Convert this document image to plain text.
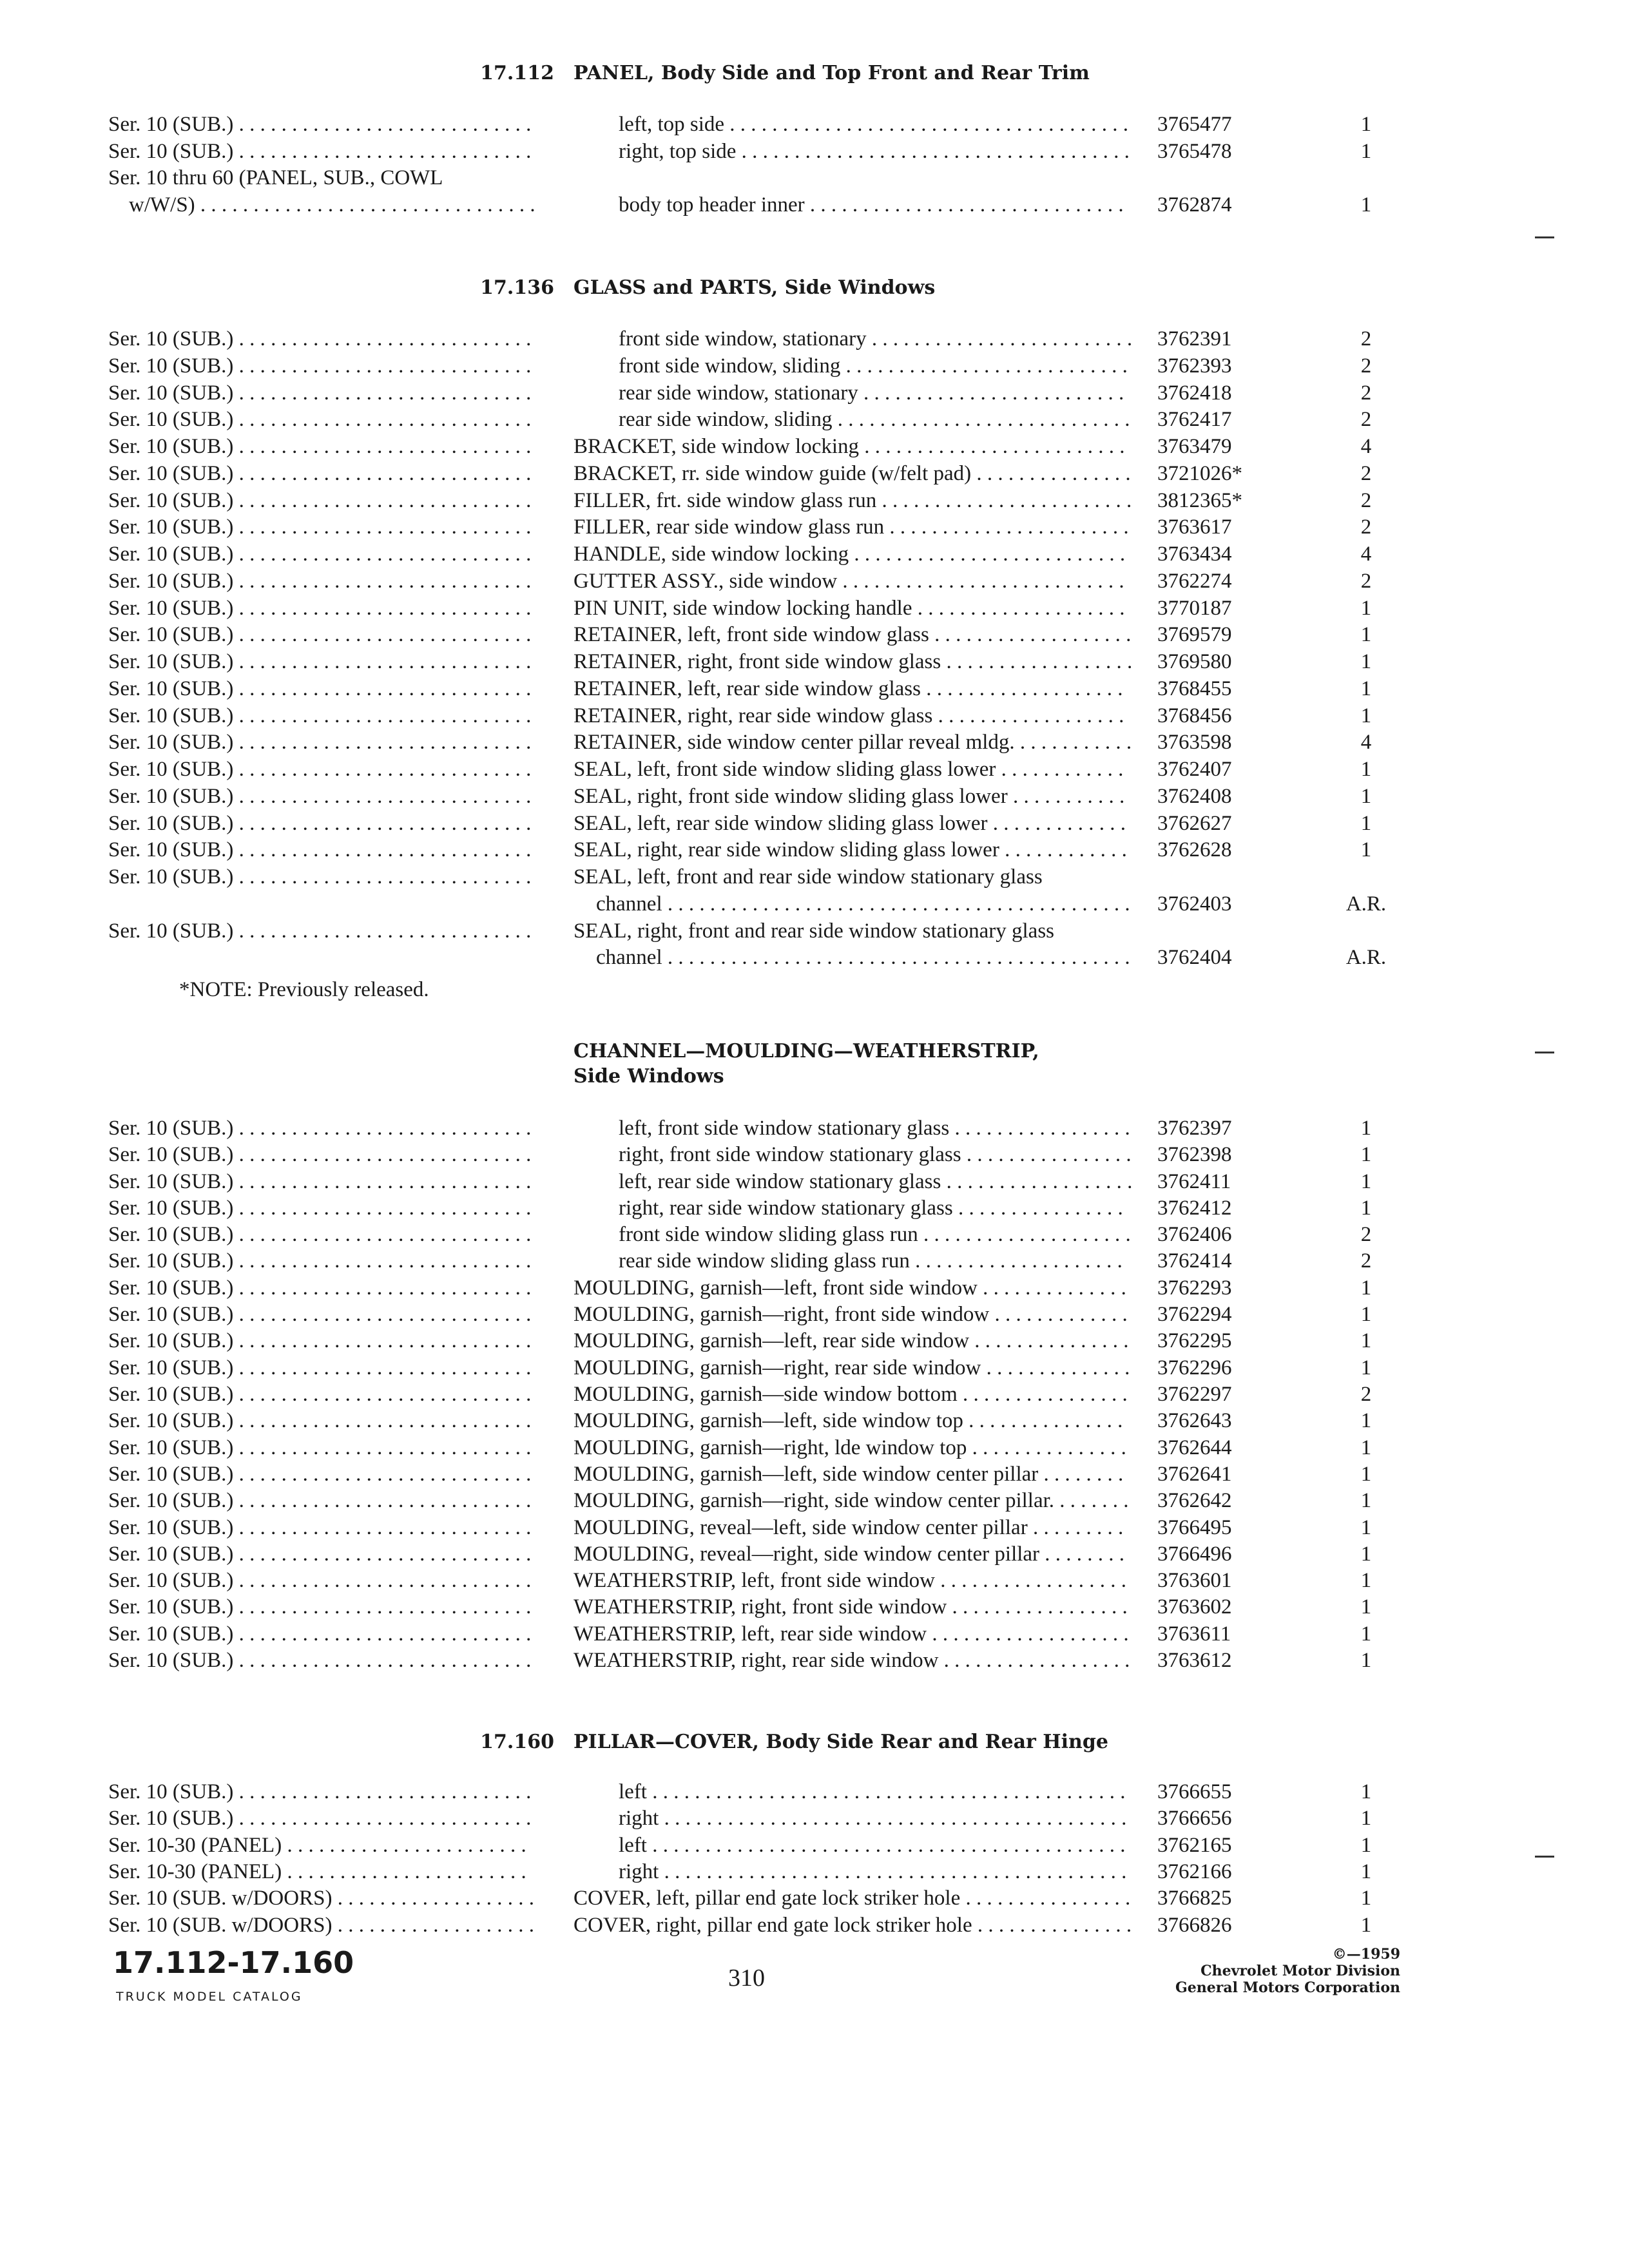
17.112 PANEL, Body Side and Top Front and Rear Trim
Ser. 10 (SUB.) . . . . . . . . . . . . . . . . . . . . . . . . . . . .	left, top side . . . . . . . . . . . . . . . . . . . . . . . . . . . . . . . . . . . . . . 3765477	1
Ser. 10 (SUB.) . . . . . . . . . . . . . . . . . . . . . . . . . . . .	right, top side . . . . . . . . . . . . . . . . . . . . . . . . . . . . . . . . . . . . . 3765478	1
Ser. 10 thru 60 (PANEL, SUB., COWL
w/W/S) . . . . . . . . . . . . . . . . . . . . . . . . . . . . . . . .	body top header inner . . . . . . . . . . . . . . . . . . . . . . . . . . . . . .	3762874	1
17.136 GLASS and PARTS, Side Windows
Ser. 10 (SUB.) . . . . . . . . . . . . . . . . . . . . . . . . . . . .	front side window, stationary . . . . . . . . . . . . . . . . . . . . . . . . . 3762391	2
Ser. 10 (SUB.) . . . . . . . . . . . . . . . . . . . . . . . . . . . .	front side window, sliding . . . . . . . . . . . . . . . . . . . . . . . . . . . 3762393	2
Ser. 10 (SUB.) . . . . . . . . . . . . . . . . . . . . . . . . . . . .	rear side window, stationary . . . . . . . . . . . . . . . . . . . . . . . . .	3762418	2
Ser. 10 (SUB.) . . . . . . . . . . . . . . . . . . . . . . . . . . . .	rear side window, sliding . . . . . . . . . . . . . . . . . . . . . . . . . . . . 3762417	2
Ser. 10 (SUB.) . . . . . . . . . . . . . . . . . . . . . . . . . . . . BRACKET, side window locking . . . . . . . . . . . . . . . . . . . . . . . . .	3763479	4
Ser. 10 (SUB.) . . . . . . . . . . . . . . . . . . . . . . . . . . . . BRACKET, rr. side window guide (w/felt pad) . . . . . . . . . . . . . . . 3721026*	2
Ser. 10 (SUB.) . . . . . . . . . . . . . . . . . . . . . . . . . . . . FILLER, frt. side window glass run . . . . . . . . . . . . . . . . . . . . . . . . 3812365*	2
Ser. 10 (SUB.) . . . . . . . . . . . . . . . . . . . . . . . . . . . . FILLER, rear side window glass run . . . . . . . . . . . . . . . . . . . . . . . 3763617	2
Ser. 10 (SUB.) . . . . . . . . . . . . . . . . . . . . . . . . . . . . HANDLE, side window locking . . . . . . . . . . . . . . . . . . . . . . . . . .	3763434	4
Ser. 10 (SUB.) . . . . . . . . . . . . . . . . . . . . . . . . . . . . GUTTER ASSY., side window . . . . . . . . . . . . . . . . . . . . . . . . . . .	3762274	2
Ser. 10 (SUB.) . . . . . . . . . . . . . . . . . . . . . . . . . . . . PIN UNIT, side window locking handle . . . . . . . . . . . . . . . . . . . .	3770187	1
Ser. 10 (SUB.) . . . . . . . . . . . . . . . . . . . . . . . . . . . . RETAINER, left, front side window glass . . . . . . . . . . . . . . . . . . . 3769579	1
Ser. 10 (SUB.) . . . . . . . . . . . . . . . . . . . . . . . . . . . . RETAINER, right, front side window glass . . . . . . . . . . . . . . . . . . 3769580	1
Ser. 10 (SUB.) . . . . . . . . . . . . . . . . . . . . . . . . . . . . RETAINER, left, rear side window glass . . . . . . . . . . . . . . . . . . .	3768455	1
Ser. 10 (SUB.) . . . . . . . . . . . . . . . . . . . . . . . . . . . . RETAINER, right, rear side window glass . . . . . . . . . . . . . . . . . .	3768456	1
Ser. 10 (SUB.) . . . . . . . . . . . . . . . . . . . . . . . . . . . . RETAINER, side window center pillar reveal mldg. . . . . . . . . . . . 3763598	4
Ser. 10 (SUB.) . . . . . . . . . . . . . . . . . . . . . . . . . . . . SEAL, left, front side window sliding glass lower . . . . . . . . . . . .	3762407	1
Ser. 10 (SUB.) . . . . . . . . . . . . . . . . . . . . . . . . . . . . SEAL, right, front side window sliding glass lower . . . . . . . . . . .	3762408	1
Ser. 10 (SUB.) . . . . . . . . . . . . . . . . . . . . . . . . . . . . SEAL, left, rear side window sliding glass lower . . . . . . . . . . . . .	3762627	1
Ser. 10 (SUB.) . . . . . . . . . . . . . . . . . . . . . . . . . . . . SEAL, right, rear side window sliding glass lower . . . . . . . . . . . . 3762628	1
Ser. 10 (SUB.) . . . . . . . . . . . . . . . . . . . . . . . . . . . . SEAL, left, front and rear side window stationary glass
channel . . . . . . . . . . . . . . . . . . . . . . . . . . . . . . . . . . . . . . . . . . . . 3762403	A.R.
Ser. 10 (SUB.) . . . . . . . . . . . . . . . . . . . . . . . . . . . . SEAL, right, front and rear side window stationary glass
channel . . . . . . . . . . . . . . . . . . . . . . . . . . . . . . . . . . . . . . . . . . . . 3762404	A.R.
*NOTE: Previously released.
CHANNEL—MOULDING—WEATHERSTRIP,
Side Windows
Ser. 10 (SUB.) . . . . . . . . . . . . . . . . . . . . . . . . . . . .	left, front side window stationary glass . . . . . . . . . . . . . . . . . 3762397	1
Ser. 10 (SUB.) . . . . . . . . . . . . . . . . . . . . . . . . . . . .	right, front side window stationary glass . . . . . . . . . . . . . . . . 3762398	1
Ser. 10 (SUB.) . . . . . . . . . . . . . . . . . . . . . . . . . . . .	left, rear side window stationary glass . . . . . . . . . . . . . . . . . . 3762411	1
Ser. 10 (SUB.) . . . . . . . . . . . . . . . . . . . . . . . . . . . .	right, rear side window stationary glass . . . . . . . . . . . . . . . .	3762412	1
Ser. 10 (SUB.) . . . . . . . . . . . . . . . . . . . . . . . . . . . .	front side window sliding glass run . . . . . . . . . . . . . . . . . . . . 3762406	2
Ser. 10 (SUB.) . . . . . . . . . . . . . . . . . . . . . . . . . . . .	rear side window sliding glass run . . . . . . . . . . . . . . . . . . . .	3762414	2
Ser. 10 (SUB.) . . . . . . . . . . . . . . . . . . . . . . . . . . . . MOULDING, garnish—left, front side window . . . . . . . . . . . . . .	3762293	1
Ser. 10 (SUB.) . . . . . . . . . . . . . . . . . . . . . . . . . . . . MOULDING, garnish—right, front side window . . . . . . . . . . . . . 3762294	1
Ser. 10 (SUB.) . . . . . . . . . . . . . . . . . . . . . . . . . . . . MOULDING, garnish—left, rear side window . . . . . . . . . . . . . . . 3762295	1
Ser. 10 (SUB.) . . . . . . . . . . . . . . . . . . . . . . . . . . . . MOULDING, garnish—right, rear side window . . . . . . . . . . . . . . 3762296	1
Ser. 10 (SUB.) . . . . . . . . . . . . . . . . . . . . . . . . . . . . MOULDING, garnish—side window bottom . . . . . . . . . . . . . . . . 3762297	2
Ser. 10 (SUB.) . . . . . . . . . . . . . . . . . . . . . . . . . . . . MOULDING, garnish—left, side window top . . . . . . . . . . . . . . .	3762643	1
Ser. 10 (SUB.) . . . . . . . . . . . . . . . . . . . . . . . . . . . . MOULDING, garnish—right, lde window top . . . . . . . . . . . . . . .	3762644	1
Ser. 10 (SUB.) . . . . . . . . . . . . . . . . . . . . . . . . . . . . MOULDING, garnish—left, side window center pillar . . . . . . . .	3762641	1
Ser. 10 (SUB.) . . . . . . . . . . . . . . . . . . . . . . . . . . . . MOULDING, garnish—right, side window center pillar. . . . . . . . 3762642	1
Ser. 10 (SUB.) . . . . . . . . . . . . . . . . . . . . . . . . . . . . MOULDING, reveal—left, side window center pillar . . . . . . . . .	3766495	1
Ser. 10 (SUB.) . . . . . . . . . . . . . . . . . . . . . . . . . . . . MOULDING, reveal—right, side window center pillar . . . . . . . .	3766496	1
Ser. 10 (SUB.) . . . . . . . . . . . . . . . . . . . . . . . . . . . . WEATHERSTRIP, left, front side window . . . . . . . . . . . . . . . . . .	3763601	1
Ser. 10 (SUB.) . . . . . . . . . . . . . . . . . . . . . . . . . . . . WEATHERSTRIP, right, front side window . . . . . . . . . . . . . . . . . 3763602	1
Ser. 10 (SUB.) . . . . . . . . . . . . . . . . . . . . . . . . . . . . WEATHERSTRIP, left, rear side window . . . . . . . . . . . . . . . . . . . 3763611	1
Ser. 10 (SUB.) . . . . . . . . . . . . . . . . . . . . . . . . . . . . WEATHERSTRIP, right, rear side window . . . . . . . . . . . . . . . . . . 3763612	1
17.160 PILLAR—COVER, Body Side Rear and Rear Hinge
Ser. 10 (SUB.) . . . . . . . . . . . . . . . . . . . . . . . . . . . .	left . . . . . . . . . . . . . . . . . . . . . . . . . . . . . . . . . . . . . . . . . . . . .	3766655	1
Ser. 10 (SUB.) . . . . . . . . . . . . . . . . . . . . . . . . . . . .	right . . . . . . . . . . . . . . . . . . . . . . . . . . . . . . . . . . . . . . . . . . . . 3766656	1
Ser. 10-30 (PANEL) . . . . . . . . . . . . . . . . . . . . . . .	left . . . . . . . . . . . . . . . . . . . . . . . . . . . . . . . . . . . . . . . . . . . . .	3762165	1
Ser. 10-30 (PANEL) . . . . . . . . . . . . . . . . . . . . . . .	right . . . . . . . . . . . . . . . . . . . . . . . . . . . . . . . . . . . . . . . . . . . . 3762166	1
Ser. 10 (SUB. w/DOORS) . . . . . . . . . . . . . . . . . . . COVER, left, pillar end gate lock striker hole . . . . . . . . . . . . . . . . 3766825	1
Ser. 10 (SUB. w/DOORS) . . . . . . . . . . . . . . . . . . . COVER, right, pillar end gate lock striker hole . . . . . . . . . . . . . . . 3766826	1
17.112-17.160
TRUCK MODEL CATALOG
310
©—1959
Chevrolet Motor Division
General Motors Corporation
